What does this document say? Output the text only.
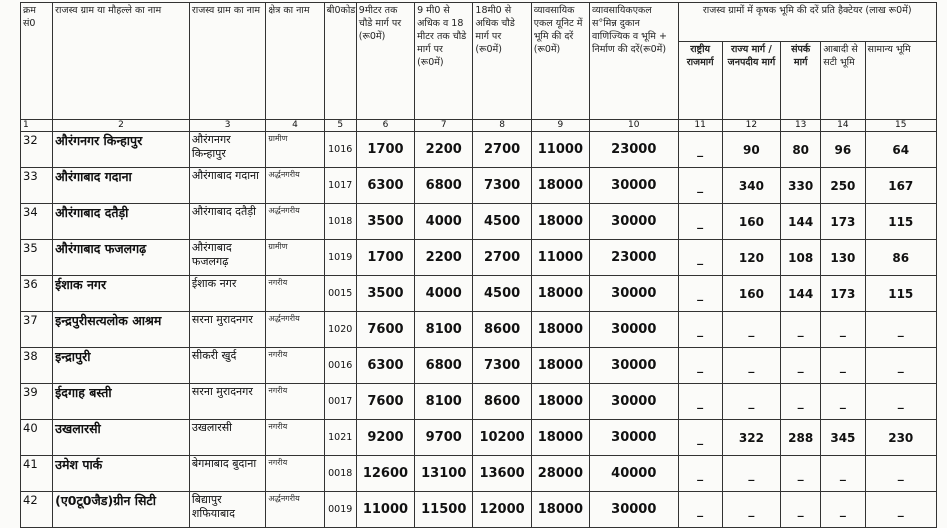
क्रम सं0	राजस्व ग्राम या मौहल्ले का नाम	राजस्व ग्राम का नाम	क्षेत्र का नाम	बी0कोड	9मीटर तक चौडे मार्ग पर (रू0में)	9 मी0 से अधिक व 18 मीटर तक चौडे मार्ग पर (रू0में)	18मी0 से अधिक चौडे मार्ग पर (रू0में)	व्यावसायिक एकल यूनिट में भूमि की दरें (रू0में)	व्यावसायिकएकल स°मिन्न दुकान वाणिज्यिक व भूमि + निर्माण की दरें(रू0में)	राजस्व ग्रामों में कृषक भूमि की दरें प्रति हैक्टेयर (लाख रू0में)				
										राष्ट्रीय राजमार्ग	राज्य मार्ग /जनपदीय मार्ग	संपर्क मार्ग	आबादी से सटी भूमि	सामान्य भूमि
1	2	3	4	5	6	7	8	9	10	11	12	13	14	15
32	औरंगनगर किन्हापुर	औरंगनगर किन्हापुर	ग्रामीण	1016	1700	2200	2700	11000	23000	_	90	80	96	64
33	औरंगाबाद गदाना	औरंगाबाद गदाना	अर्द्धनगरीय	1017	6300	6800	7300	18000	30000	_	340	330	250	167
34	औरंगाबाद दतैड़ी	औरंगाबाद दतैड़ी	अर्द्धनगरीय	1018	3500	4000	4500	18000	30000	_	160	144	173	115
35	औरंगाबाद फजलगढ़	औरंगाबाद फजलगढ़	ग्रामीण	1019	1700	2200	2700	11000	23000	_	120	108	130	86
36	ईशाक नगर	ईशाक नगर	नगरीय	0015	3500	4000	4500	18000	30000	_	160	144	173	115
37	इन्द्रपुरीसत्यलोक आश्रम	सरना मुरादनगर	अर्द्धनगरीय	1020	7600	8100	8600	18000	30000	_	_	_	_	_
38	इन्द्रापुरी	सीकरी खुर्द	नगरीय	0016	6300	6800	7300	18000	30000	_	_	_	_	_
39	ईदगाह बस्ती	सरना मुरादनगर	नगरीय	0017	7600	8100	8600	18000	30000	_	_	_	_	_
40	उखलारसी	उखलारसी	नगरीय	1021	9200	9700	10200	18000	30000	_	322	288	345	230
41	उमेश पार्क	बेगमाबाद बुदाना	नगरीय	0018	12600	13100	13600	28000	40000	_	_	_	_	_
42	(ए0टू0जैड)ग्रीन सिटी	बिद्यापुर शफियाबाद	अर्द्धनगरीय	0019	11000	11500	12000	18000	30000	_	_	_	_	_
